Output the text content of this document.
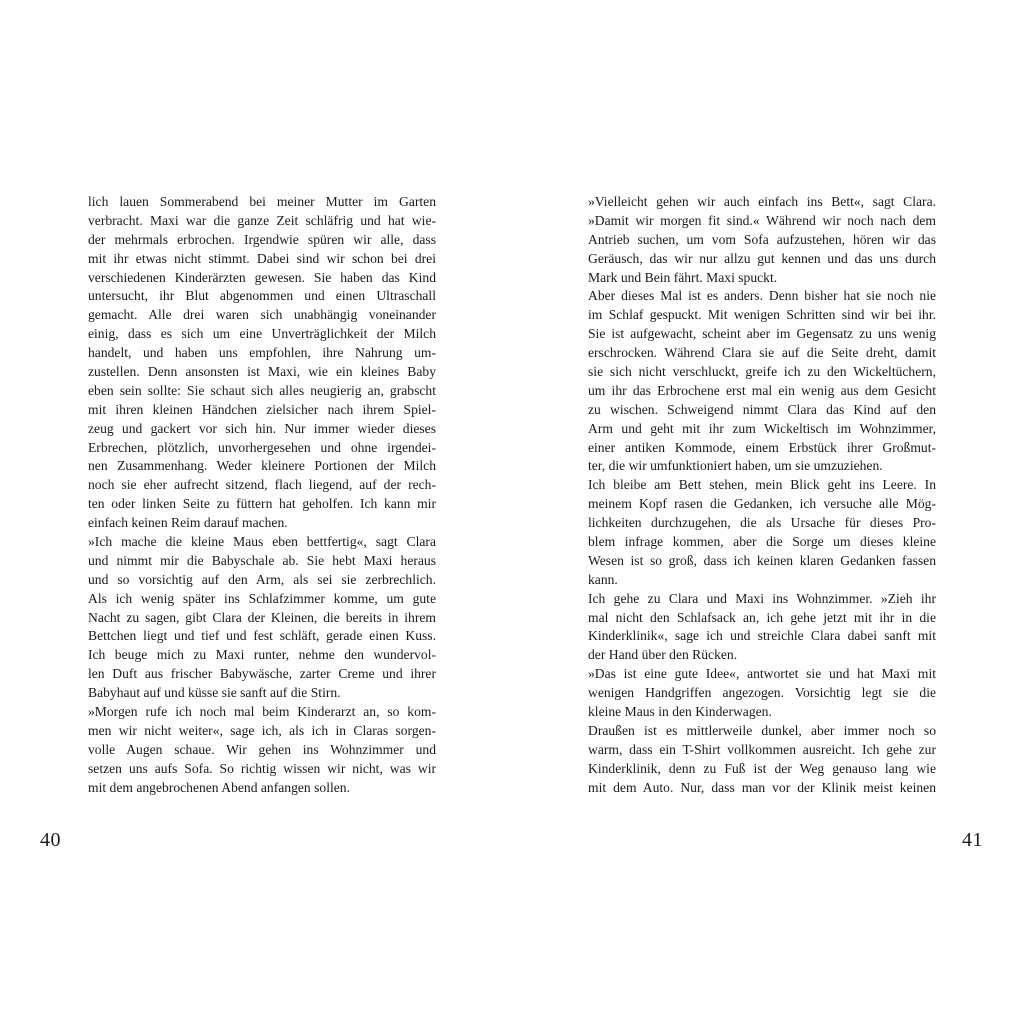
lich lauen Sommerabend bei meiner Mutter im Garten
verbracht. Maxi war die ganze Zeit schläfrig und hat wie-
der mehrmals erbrochen. Irgendwie spüren wir alle, dass
mit ihr etwas nicht stimmt. Dabei sind wir schon bei drei
verschiedenen Kinderärzten gewesen. Sie haben das Kind
untersucht, ihr Blut abgenommen und einen Ultraschall
gemacht. Alle drei waren sich unabhängig voneinander
einig, dass es sich um eine Unverträglichkeit der Milch
handelt, und haben uns empfohlen, ihre Nahrung um-
zustellen. Denn ansonsten ist Maxi, wie ein kleines Baby
eben sein sollte: Sie schaut sich alles neugierig an, grabscht
mit ihren kleinen Händchen zielsicher nach ihrem Spiel-
zeug und gackert vor sich hin. Nur immer wieder dieses
Erbrechen, plötzlich, unvorhergesehen und ohne irgendei-
nen Zusammenhang. Weder kleinere Portionen der Milch
noch sie eher aufrecht sitzend, flach liegend, auf der rech-
ten oder linken Seite zu füttern hat geholfen. Ich kann mir
einfach keinen Reim darauf machen.
»Ich mache die kleine Maus eben bettfertig«, sagt Clara
und nimmt mir die Babyschale ab. Sie hebt Maxi heraus
und so vorsichtig auf den Arm, als sei sie zerbrechlich.
Als ich wenig später ins Schlafzimmer komme, um gute
Nacht zu sagen, gibt Clara der Kleinen, die bereits in ihrem
Bettchen liegt und tief und fest schläft, gerade einen Kuss.
Ich beuge mich zu Maxi runter, nehme den wundervol-
len Duft aus frischer Babywäsche, zarter Creme und ihrer
Babyhaut auf und küsse sie sanft auf die Stirn.
»Morgen rufe ich noch mal beim Kinderarzt an, so kom-
men wir nicht weiter«, sage ich, als ich in Claras sorgen-
volle Augen schaue. Wir gehen ins Wohnzimmer und
setzen uns aufs Sofa. So richtig wissen wir nicht, was wir
mit dem angebrochenen Abend anfangen sollen.
40
»Vielleicht gehen wir auch einfach ins Bett«, sagt Clara.
»Damit wir morgen fit sind.« Während wir noch nach dem
Antrieb suchen, um vom Sofa aufzustehen, hören wir das
Geräusch, das wir nur allzu gut kennen und das uns durch
Mark und Bein fährt. Maxi spuckt.
Aber dieses Mal ist es anders. Denn bisher hat sie noch nie
im Schlaf gespuckt. Mit wenigen Schritten sind wir bei ihr.
Sie ist aufgewacht, scheint aber im Gegensatz zu uns wenig
erschrocken. Während Clara sie auf die Seite dreht, damit
sie sich nicht verschluckt, greife ich zu den Wickeltüchern,
um ihr das Erbrochene erst mal ein wenig aus dem Gesicht
zu wischen. Schweigend nimmt Clara das Kind auf den
Arm und geht mit ihr zum Wickeltisch im Wohnzimmer,
einer antiken Kommode, einem Erbstück ihrer Großmut-
ter, die wir umfunktioniert haben, um sie umzuziehen.
Ich bleibe am Bett stehen, mein Blick geht ins Leere. In
meinem Kopf rasen die Gedanken, ich versuche alle Mög-
lichkeiten durchzugehen, die als Ursache für dieses Pro-
blem infrage kommen, aber die Sorge um dieses kleine
Wesen ist so groß, dass ich keinen klaren Gedanken fassen
kann.
Ich gehe zu Clara und Maxi ins Wohnzimmer. »Zieh ihr
mal nicht den Schlafsack an, ich gehe jetzt mit ihr in die
Kinderklinik«, sage ich und streichle Clara dabei sanft mit
der Hand über den Rücken.
»Das ist eine gute Idee«, antwortet sie und hat Maxi mit
wenigen Handgriffen angezogen. Vorsichtig legt sie die
kleine Maus in den Kinderwagen.
Draußen ist es mittlerweile dunkel, aber immer noch so
warm, dass ein T-Shirt vollkommen ausreicht. Ich gehe zur
Kinderklinik, denn zu Fuß ist der Weg genauso lang wie
mit dem Auto. Nur, dass man vor der Klinik meist keinen
41
